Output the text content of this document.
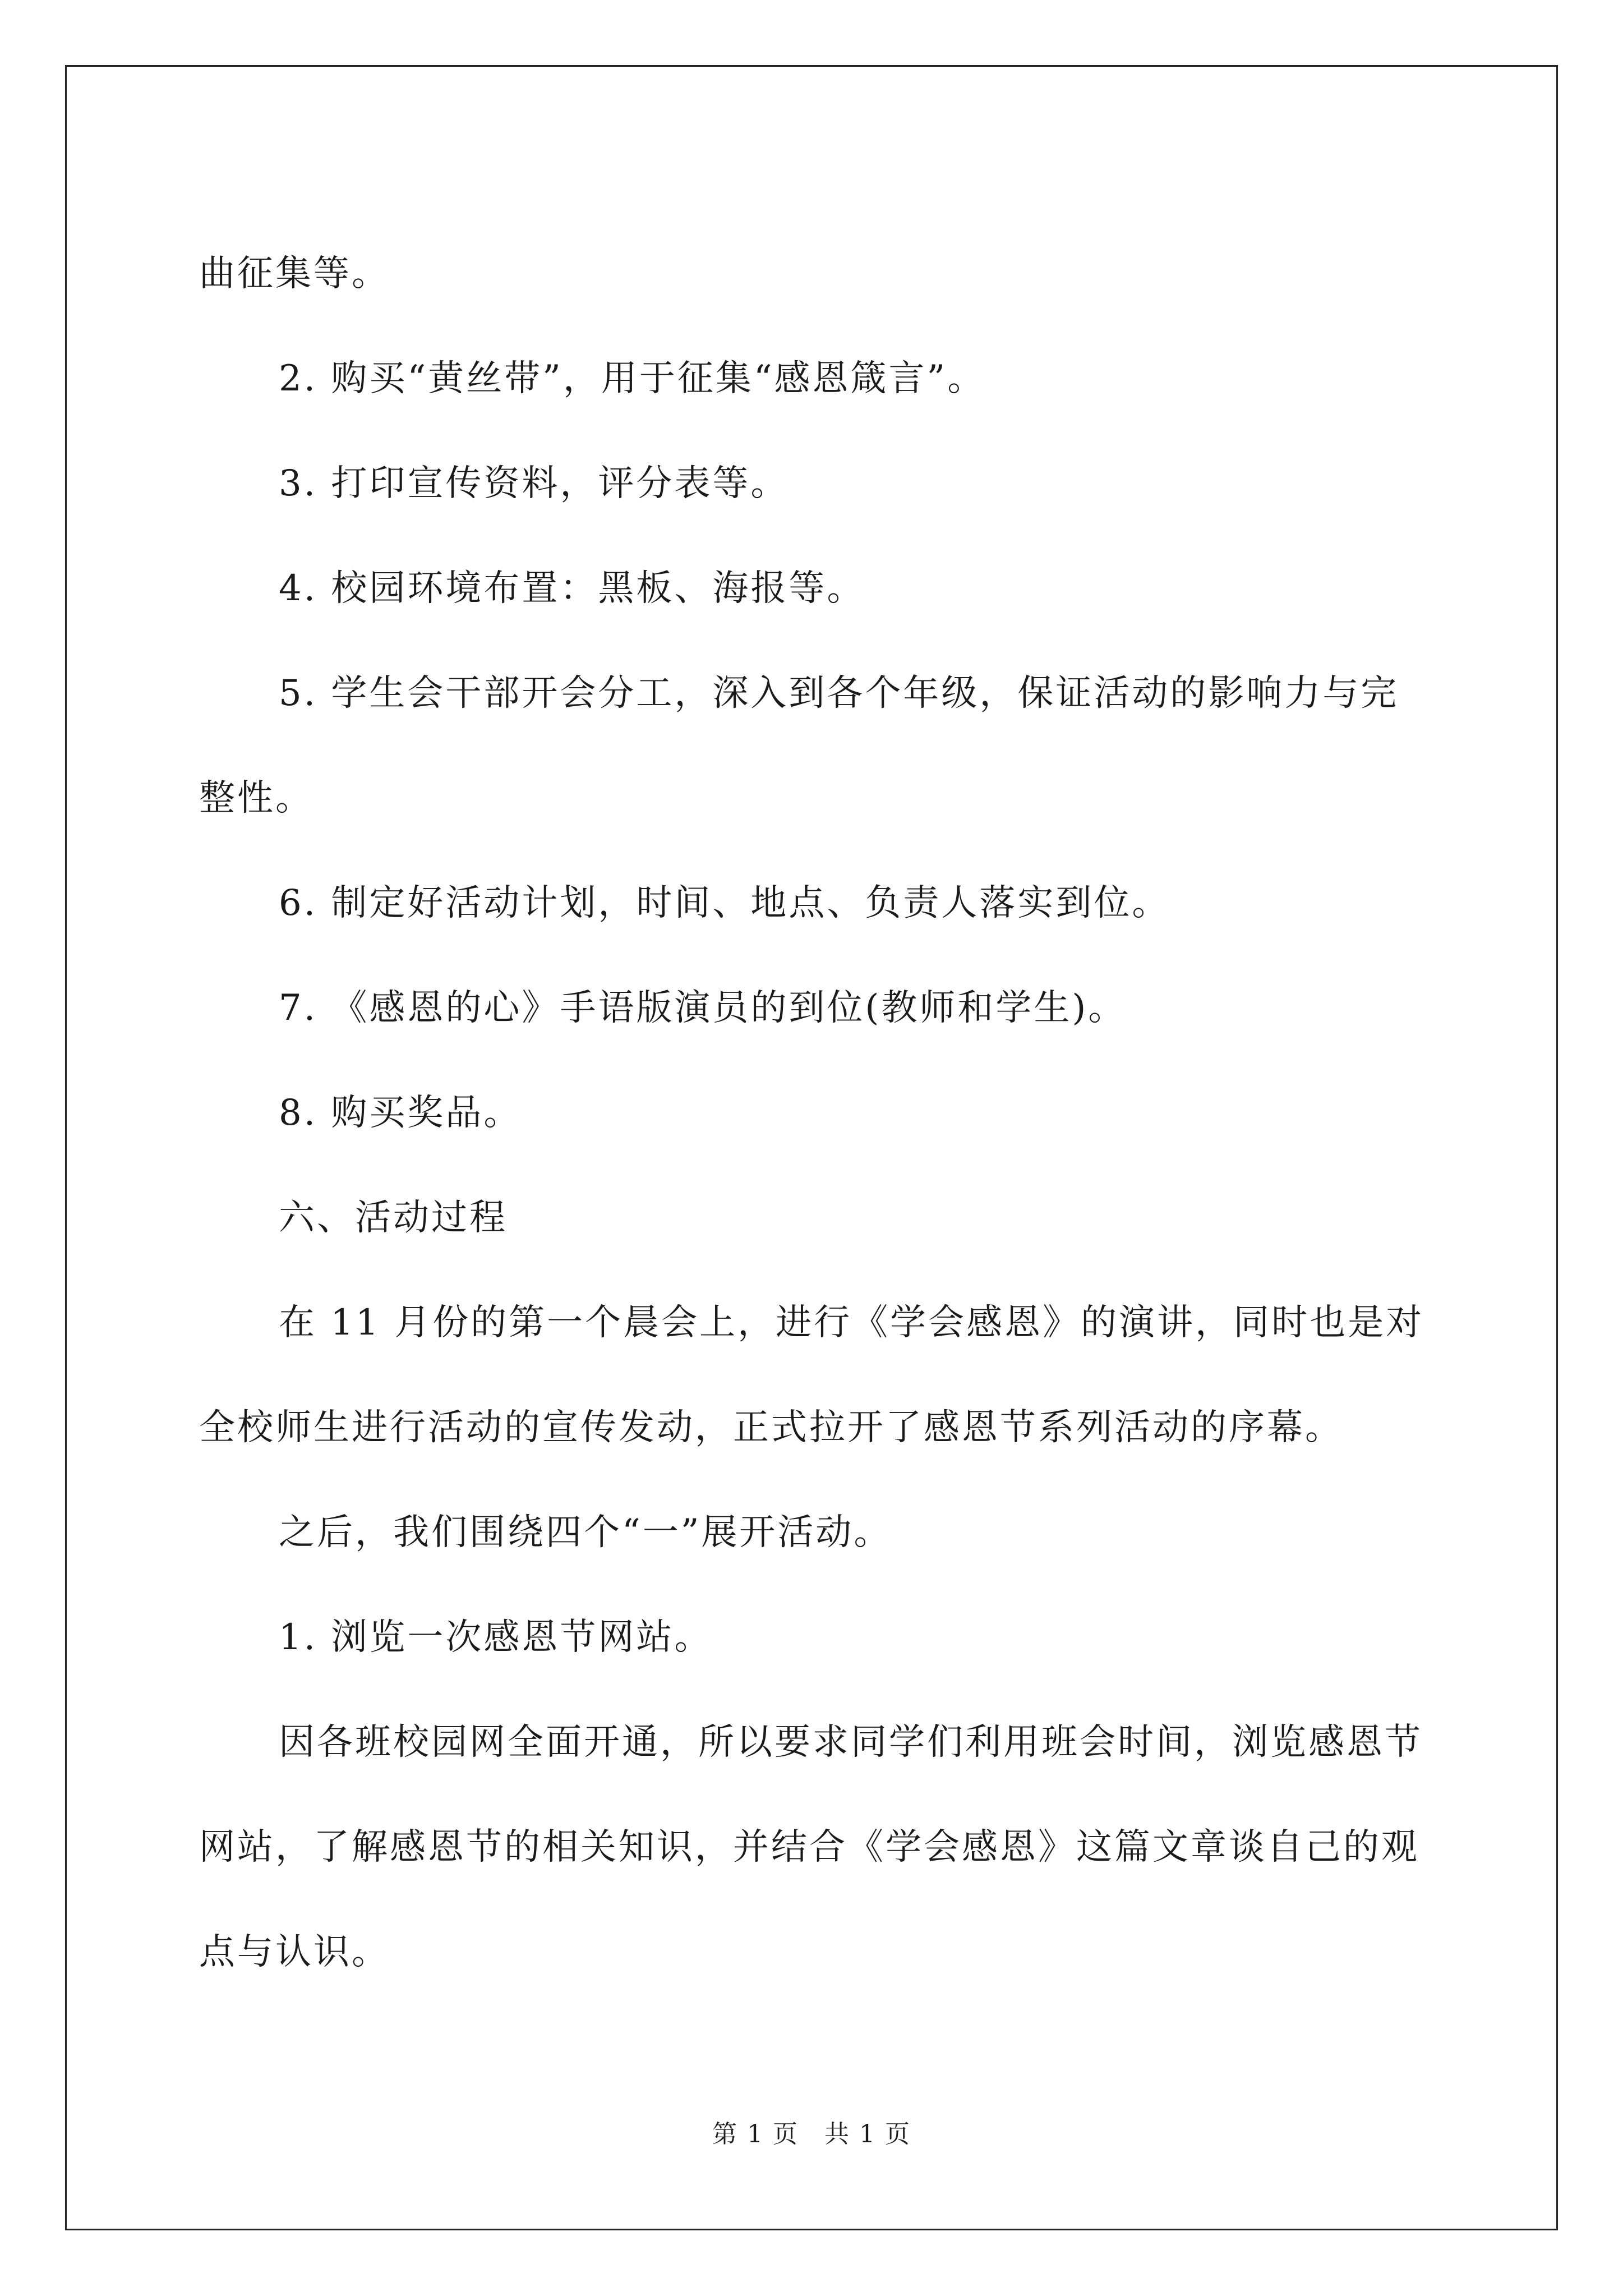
曲征集等。

2. 购买“黄丝带”，用于征集“感恩箴言”。

3. 打印宣传资料，评分表等。

4. 校园环境布置：黑板、海报等。

5. 学生会干部开会分工，深入到各个年级，保证活动的影响力与完整性。

6. 制定好活动计划，时间、地点、负责人落实到位。

7. 《感恩的心》手语版演员的到位(教师和学生)。

8. 购买奖品。

六、活动过程

在 11 月份的第一个晨会上，进行《学会感恩》的演讲，同时也是对全校师生进行活动的宣传发动，正式拉开了感恩节系列活动的序幕。

之后，我们围绕四个“一”展开活动。

1. 浏览一次感恩节网站。

因各班校园网全面开通，所以要求同学们利用班会时间，浏览感恩节网站，了解感恩节的相关知识，并结合《学会感恩》这篇文章谈自己的观点与认识。

第 1 页　共 1 页
